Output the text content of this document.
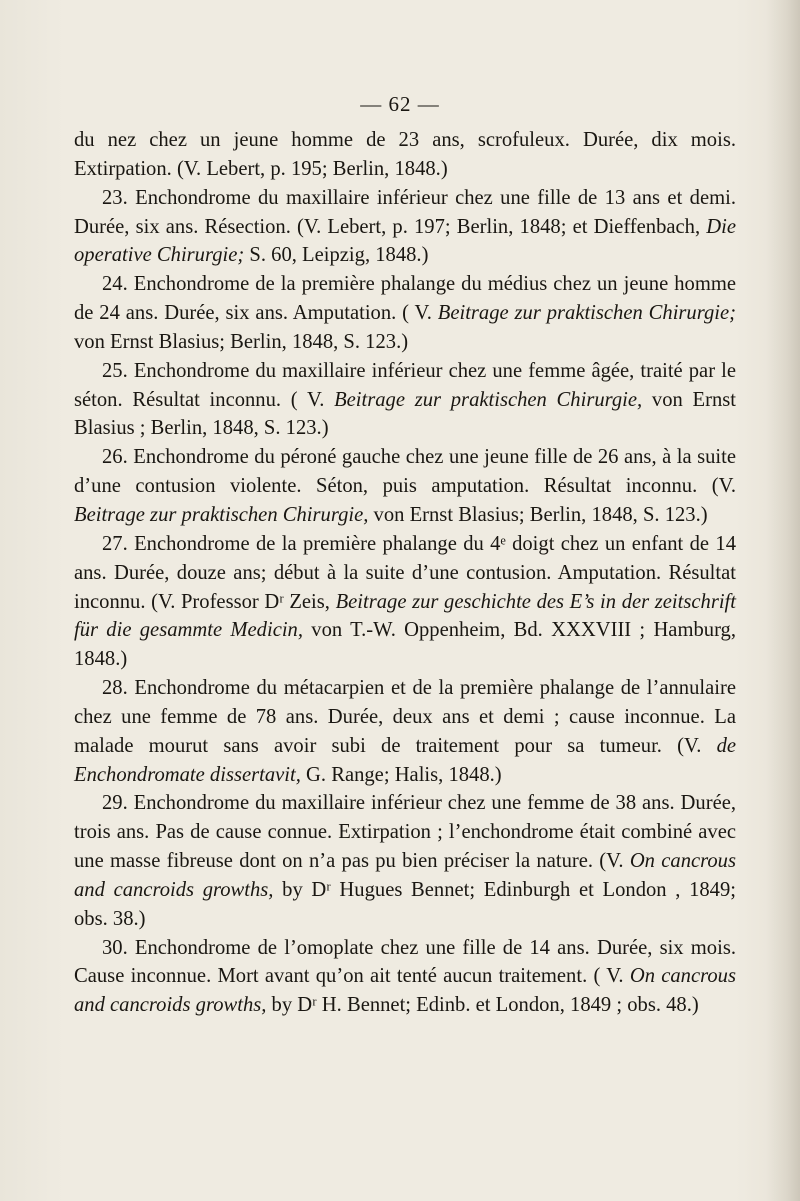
— 62 —

du nez chez un jeune homme de 23 ans, scrofuleux. Durée, dix mois. Extirpation. (V. Lebert, p. 195; Berlin, 1848.)

23. Enchondrome du maxillaire inférieur chez une fille de 13 ans et demi. Durée, six ans. Résection. (V. Lebert, p. 197; Berlin, 1848; et Dieffenbach, Die operative Chirurgie; S. 60, Leipzig, 1848.)

24. Enchondrome de la première phalange du médius chez un jeune homme de 24 ans. Durée, six ans. Amputation. ( V. Beitrage zur praktischen Chirurgie; von Ernst Blasius; Berlin, 1848, S. 123.)

25. Enchondrome du maxillaire inférieur chez une femme âgée, traité par le séton. Résultat inconnu. ( V. Beitrage zur praktischen Chirurgie, von Ernst Blasius ; Berlin, 1848, S. 123.)

26. Enchondrome du péroné gauche chez une jeune fille de 26 ans, à la suite d’une contusion violente. Séton, puis amputation. Résultat inconnu. (V. Beitrage zur praktischen Chirurgie, von Ernst Blasius; Berlin, 1848, S. 123.)

27. Enchondrome de la première phalange du 4ᵉ doigt chez un enfant de 14 ans. Durée, douze ans; début à la suite d’une contusion. Amputation. Résultat inconnu. (V. Professor Dʳ Zeis, Beitrage zur geschichte des E’s in der zeitschrift für die gesammte Medicin, von T.-W. Oppenheim, Bd. XXXVIII ; Hamburg, 1848.)

28. Enchondrome du métacarpien et de la première phalange de l’annulaire chez une femme de 78 ans. Durée, deux ans et demi ; cause inconnue. La malade mourut sans avoir subi de traitement pour sa tumeur. (V. de Enchondromate dissertavit, G. Range; Halis, 1848.)

29. Enchondrome du maxillaire inférieur chez une femme de 38 ans. Durée, trois ans. Pas de cause connue. Extirpation ; l’enchondrome était combiné avec une masse fibreuse dont on n’a pas pu bien préciser la nature. (V. On cancrous and cancroids growths, by Dʳ Hugues Bennet; Edinburgh et London , 1849; obs. 38.)

30. Enchondrome de l’omoplate chez une fille de 14 ans. Durée, six mois. Cause inconnue. Mort avant qu’on ait tenté aucun traitement. ( V. On cancrous and cancroids growths, by Dʳ H. Bennet; Edinb. et London, 1849 ; obs. 48.)
